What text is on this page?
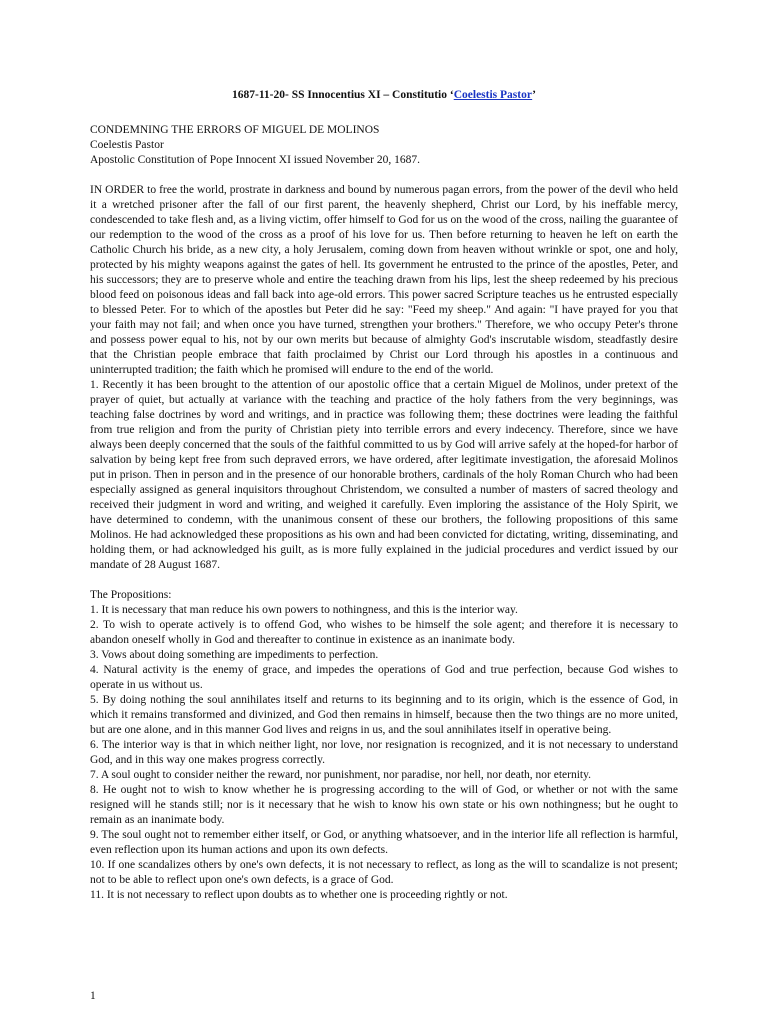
1687-11-20- SS Innocentius XI – Constitutio ‘Coelestis Pastor’

CONDEMNING THE ERRORS OF MIGUEL DE MOLINOS

Coelestis Pastor

Apostolic Constitution of Pope Innocent XI issued November 20, 1687.

IN ORDER to free the world, prostrate in darkness and bound by numerous pagan errors, from the power of the devil who held it a wretched prisoner after the fall of our first parent, the heavenly shepherd, Christ our Lord, by his ineffable mercy, condescended to take flesh and, as a living victim, offer himself to God for us on the wood of the cross, nailing the guarantee of our redemption to the wood of the cross as a proof of his love for us. Then before returning to heaven he left on earth the Catholic Church his bride, as a new city, a holy Jerusalem, coming down from heaven without wrinkle or spot, one and holy, protected by his mighty weapons against the gates of hell. Its government he entrusted to the prince of the apostles, Peter, and his successors; they are to preserve whole and entire the teaching drawn from his lips, lest the sheep redeemed by his precious blood feed on poisonous ideas and fall back into age-old errors. This power sacred Scripture teaches us he entrusted especially to blessed Peter. For to which of the apostles but Peter did he say: "Feed my sheep." And again: "I have prayed for you that your faith may not fail; and when once you have turned, strengthen your brothers." Therefore, we who occupy Peter's throne and possess power equal to his, not by our own merits but because of almighty God's inscrutable wisdom, steadfastly desire that the Christian people embrace that faith proclaimed by Christ our Lord through his apostles in a continuous and uninterrupted tradition; the faith which he promised will endure to the end of the world.

1. Recently it has been brought to the attention of our apostolic office that a certain Miguel de Molinos, under pretext of the prayer of quiet, but actually at variance with the teaching and practice of the holy fathers from the very beginnings, was teaching false doctrines by word and writings, and in practice was following them; these doctrines were leading the faithful from true religion and from the purity of Christian piety into terrible errors and every indecency. Therefore, since we have always been deeply concerned that the souls of the faithful committed to us by God will arrive safely at the hoped-for harbor of salvation by being kept free from such depraved errors, we have ordered, after legitimate investigation, the aforesaid Molinos put in prison. Then in person and in the presence of our honorable brothers, cardinals of the holy Roman Church who had been especially assigned as general inquisitors throughout Christendom, we consulted a number of masters of sacred theology and received their judgment in word and writing, and weighed it carefully. Even imploring the assistance of the Holy Spirit, we have determined to condemn, with the unanimous consent of these our brothers, the following propositions of this same Molinos. He had acknowledged these propositions as his own and had been convicted for dictating, writing, disseminating, and holding them, or had acknowledged his guilt, as is more fully explained in the judicial procedures and verdict issued by our mandate of 28 August 1687.

The Propositions:

1. It is necessary that man reduce his own powers to nothingness, and this is the interior way.
2. To wish to operate actively is to offend God, who wishes to be himself the sole agent; and therefore it is necessary to abandon oneself wholly in God and thereafter to continue in existence as an inanimate body.
3. Vows about doing something are impediments to perfection.
4. Natural activity is the enemy of grace, and impedes the operations of God and true perfection, because God wishes to operate in us without us.
5. By doing nothing the soul annihilates itself and returns to its beginning and to its origin, which is the essence of God, in which it remains transformed and divinized, and God then remains in himself, because then the two things are no more united, but are one alone, and in this manner God lives and reigns in us, and the soul annihilates itself in operative being.
6. The interior way is that in which neither light, nor love, nor resignation is recognized, and it is not necessary to understand God, and in this way one makes progress correctly.
7. A soul ought to consider neither the reward, nor punishment, nor paradise, nor hell, nor death, nor eternity.
8. He ought not to wish to know whether he is progressing according to the will of God, or whether or not with the same resigned will he stands still; nor is it necessary that he wish to know his own state or his own nothingness; but he ought to remain as an inanimate body.
9. The soul ought not to remember either itself, or God, or anything whatsoever, and in the interior life all reflection is harmful, even reflection upon its human actions and upon its own defects.
10. If one scandalizes others by one's own defects, it is not necessary to reflect, as long as the will to scandalize is not present; not to be able to reflect upon one's own defects, is a grace of God.
11. It is not necessary to reflect upon doubts as to whether one is proceeding rightly or not.
1
